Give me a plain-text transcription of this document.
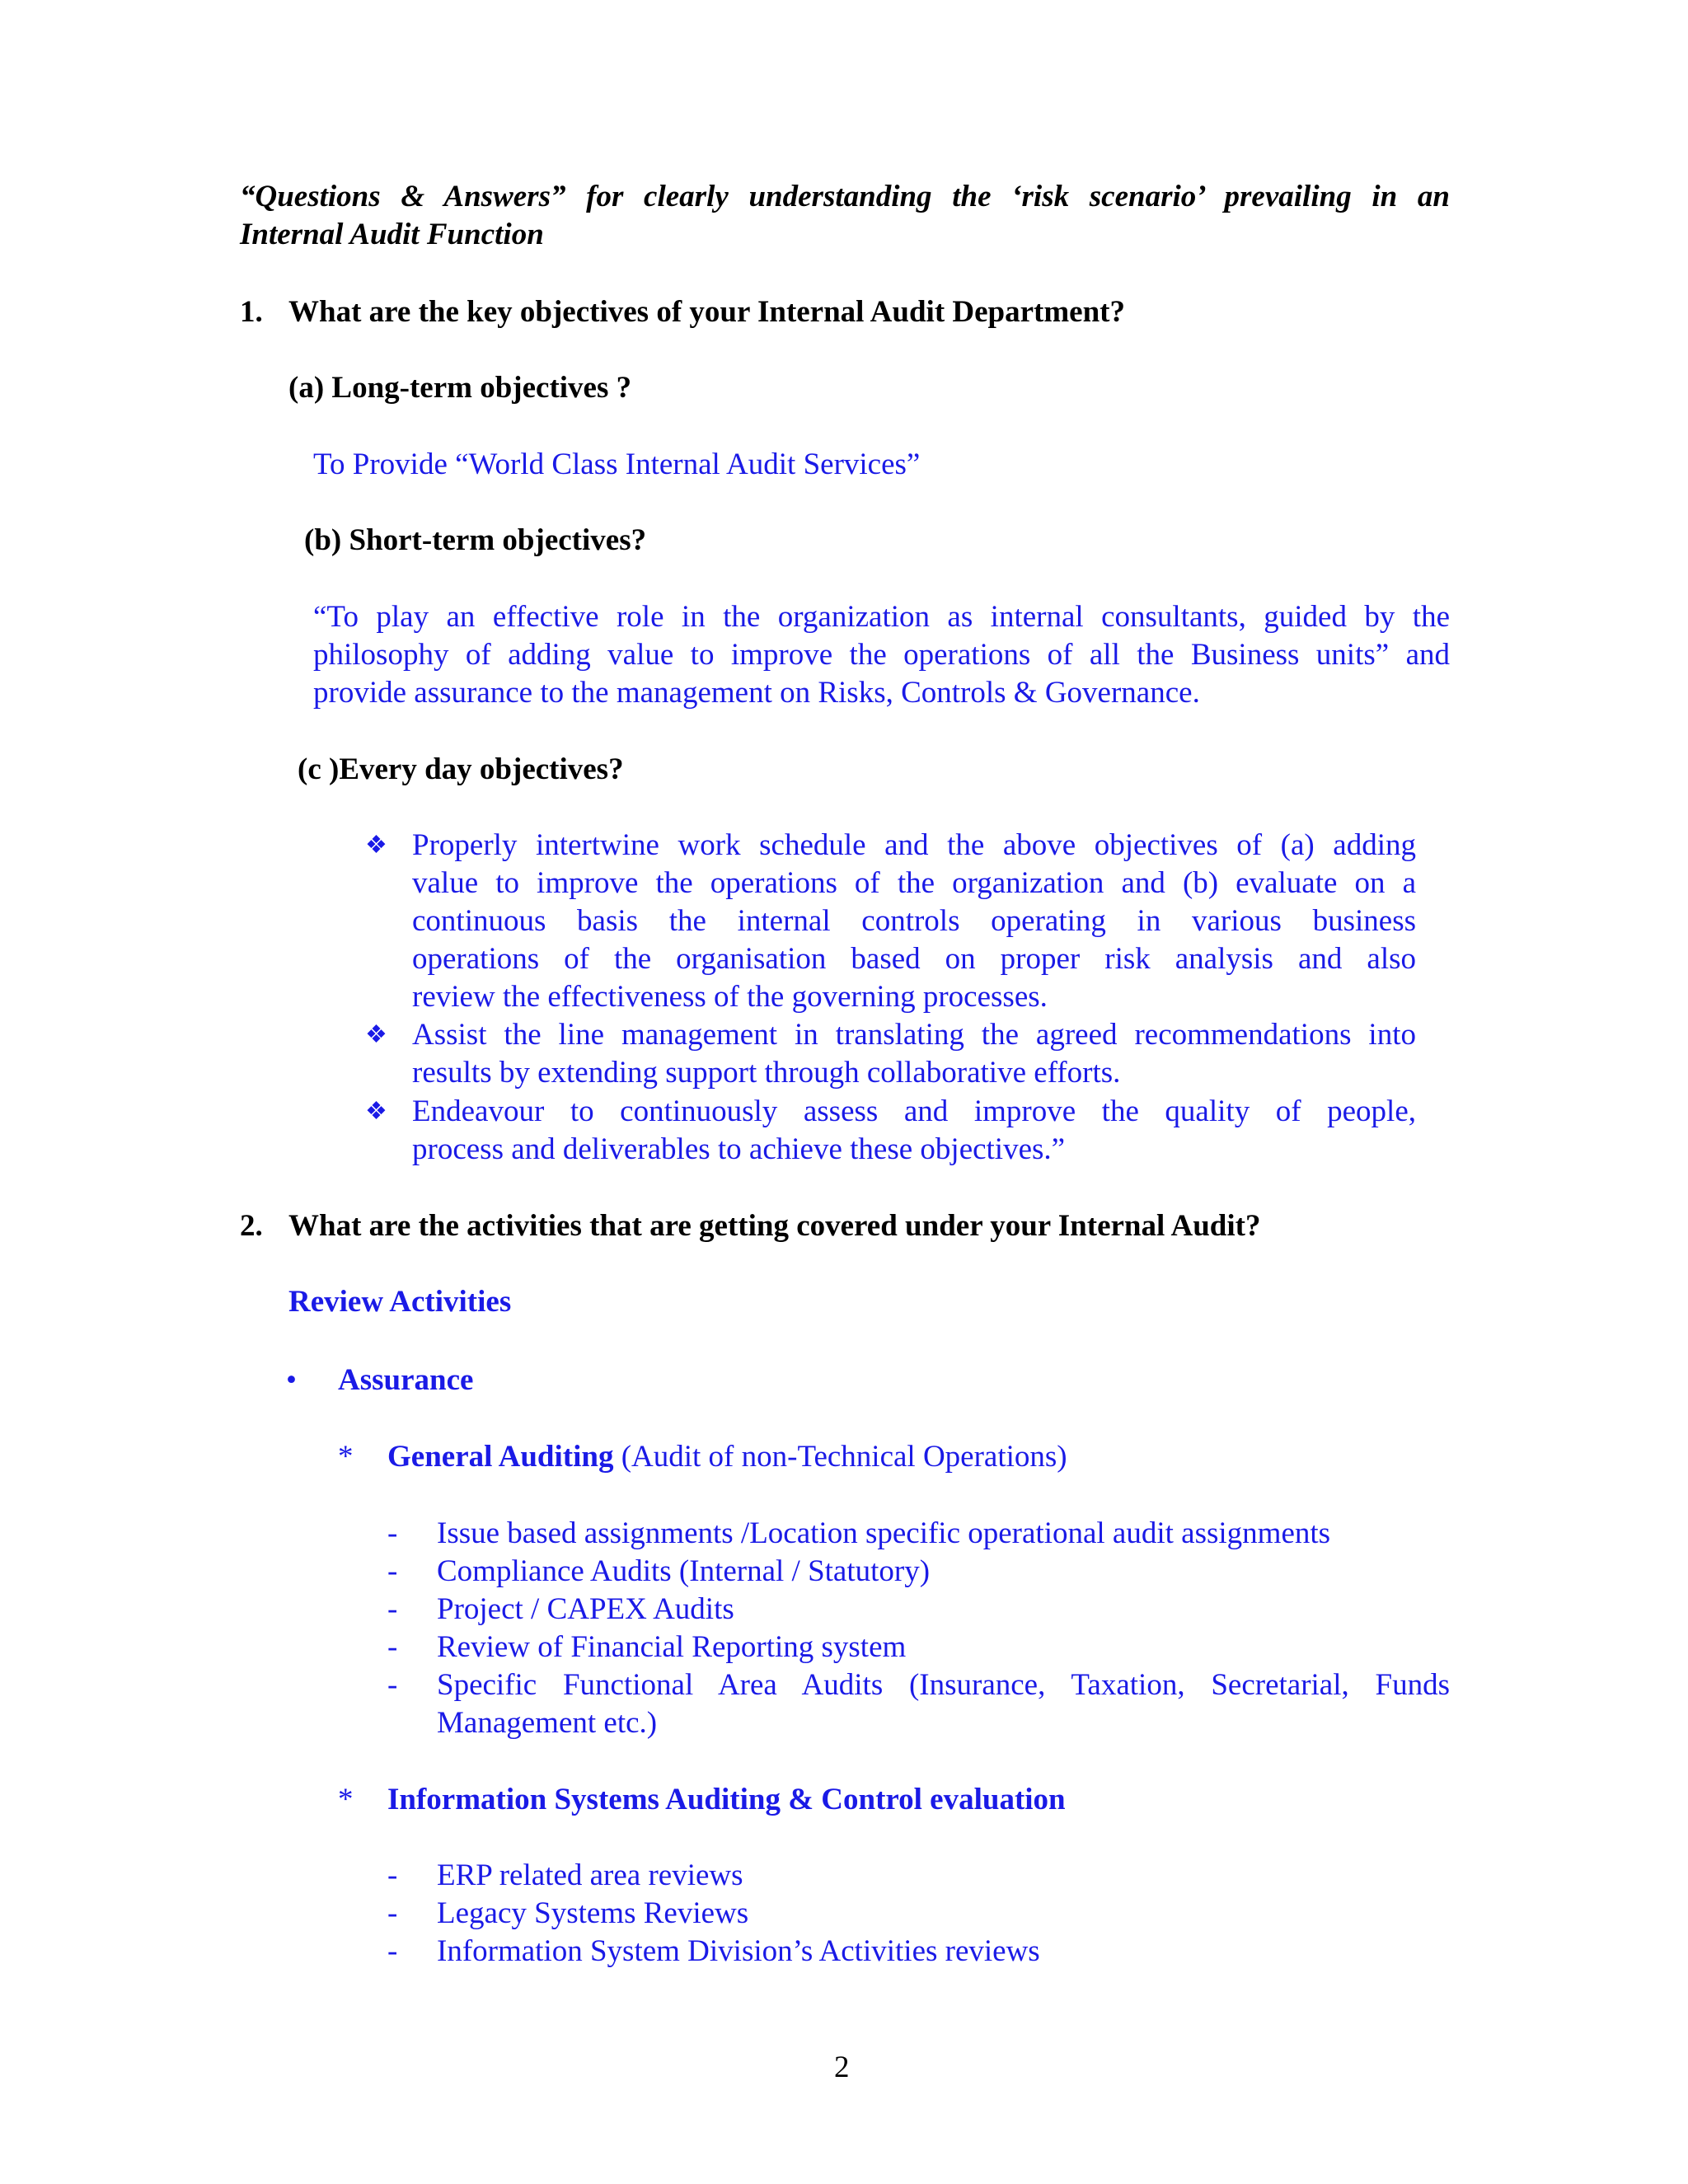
“Questions & Answers” for clearly understanding the ‘risk scenario’ prevailing in an

Internal Audit Function

1. What are the key objectives of your Internal Audit Department?

(a) Long-term objectives ?

To Provide “World Class Internal Audit Services”

(b) Short-term objectives?

“To play an effective role in the organization as internal consultants, guided by the

philosophy of adding value to improve the operations of all the Business units” and

provide assurance to the management on Risks, Controls & Governance.

(c )Every day objectives?

❖ Properly intertwine work schedule and the above objectives of (a) adding

value to improve the operations of the organization and (b) evaluate on a

continuous basis the internal controls operating in various business

operations of the organisation based on proper risk analysis and also

review the effectiveness of the governing processes.

❖ Assist the line management in translating the agreed recommendations into

results by extending support through collaborative efforts.

❖ Endeavour to continuously assess and improve the quality of people,

process and deliverables to achieve these objectives.”

2. What are the activities that are getting covered under your Internal Audit?

Review Activities

• Assurance

* General Auditing (Audit of non-Technical Operations)

- Issue based assignments /Location specific operational audit assignments

- Compliance Audits (Internal / Statutory)

- Project / CAPEX Audits

- Review of Financial Reporting system

- Specific Functional Area Audits (Insurance, Taxation, Secretarial, Funds

Management etc.)

* Information Systems Auditing & Control evaluation

- ERP related area reviews

- Legacy Systems Reviews

- Information System Division’s Activities reviews

2
